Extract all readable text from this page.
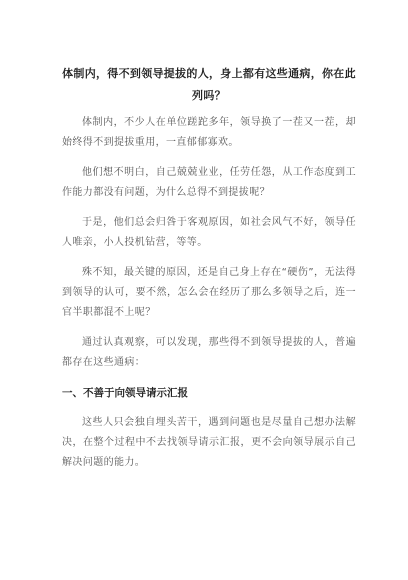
体制内，得不到领导提拔的人，身上都有这些通病，你在此列吗？

体制内，不少人在单位蹉跎多年，领导换了一茬又一茬，却始终得不到提拔重用，一直郁郁寡欢。

他们想不明白，自己兢兢业业，任劳任怨，从工作态度到工作能力都没有问题，为什么总得不到提拔呢？

于是，他们总会归咎于客观原因，如社会风气不好，领导任人唯亲，小人投机钻营，等等。

殊不知，最关键的原因，还是自己身上存在“硬伤”，无法得到领导的认可，要不然，怎么会在经历了那么多领导之后，连一官半职都混不上呢？

通过认真观察，可以发现，那些得不到领导提拔的人，普遍都存在这些通病：

一、不善于向领导请示汇报

这些人只会独自埋头苦干，遇到问题也是尽量自己想办法解决，在整个过程中不去找领导请示汇报，更不会向领导展示自己解决问题的能力。
